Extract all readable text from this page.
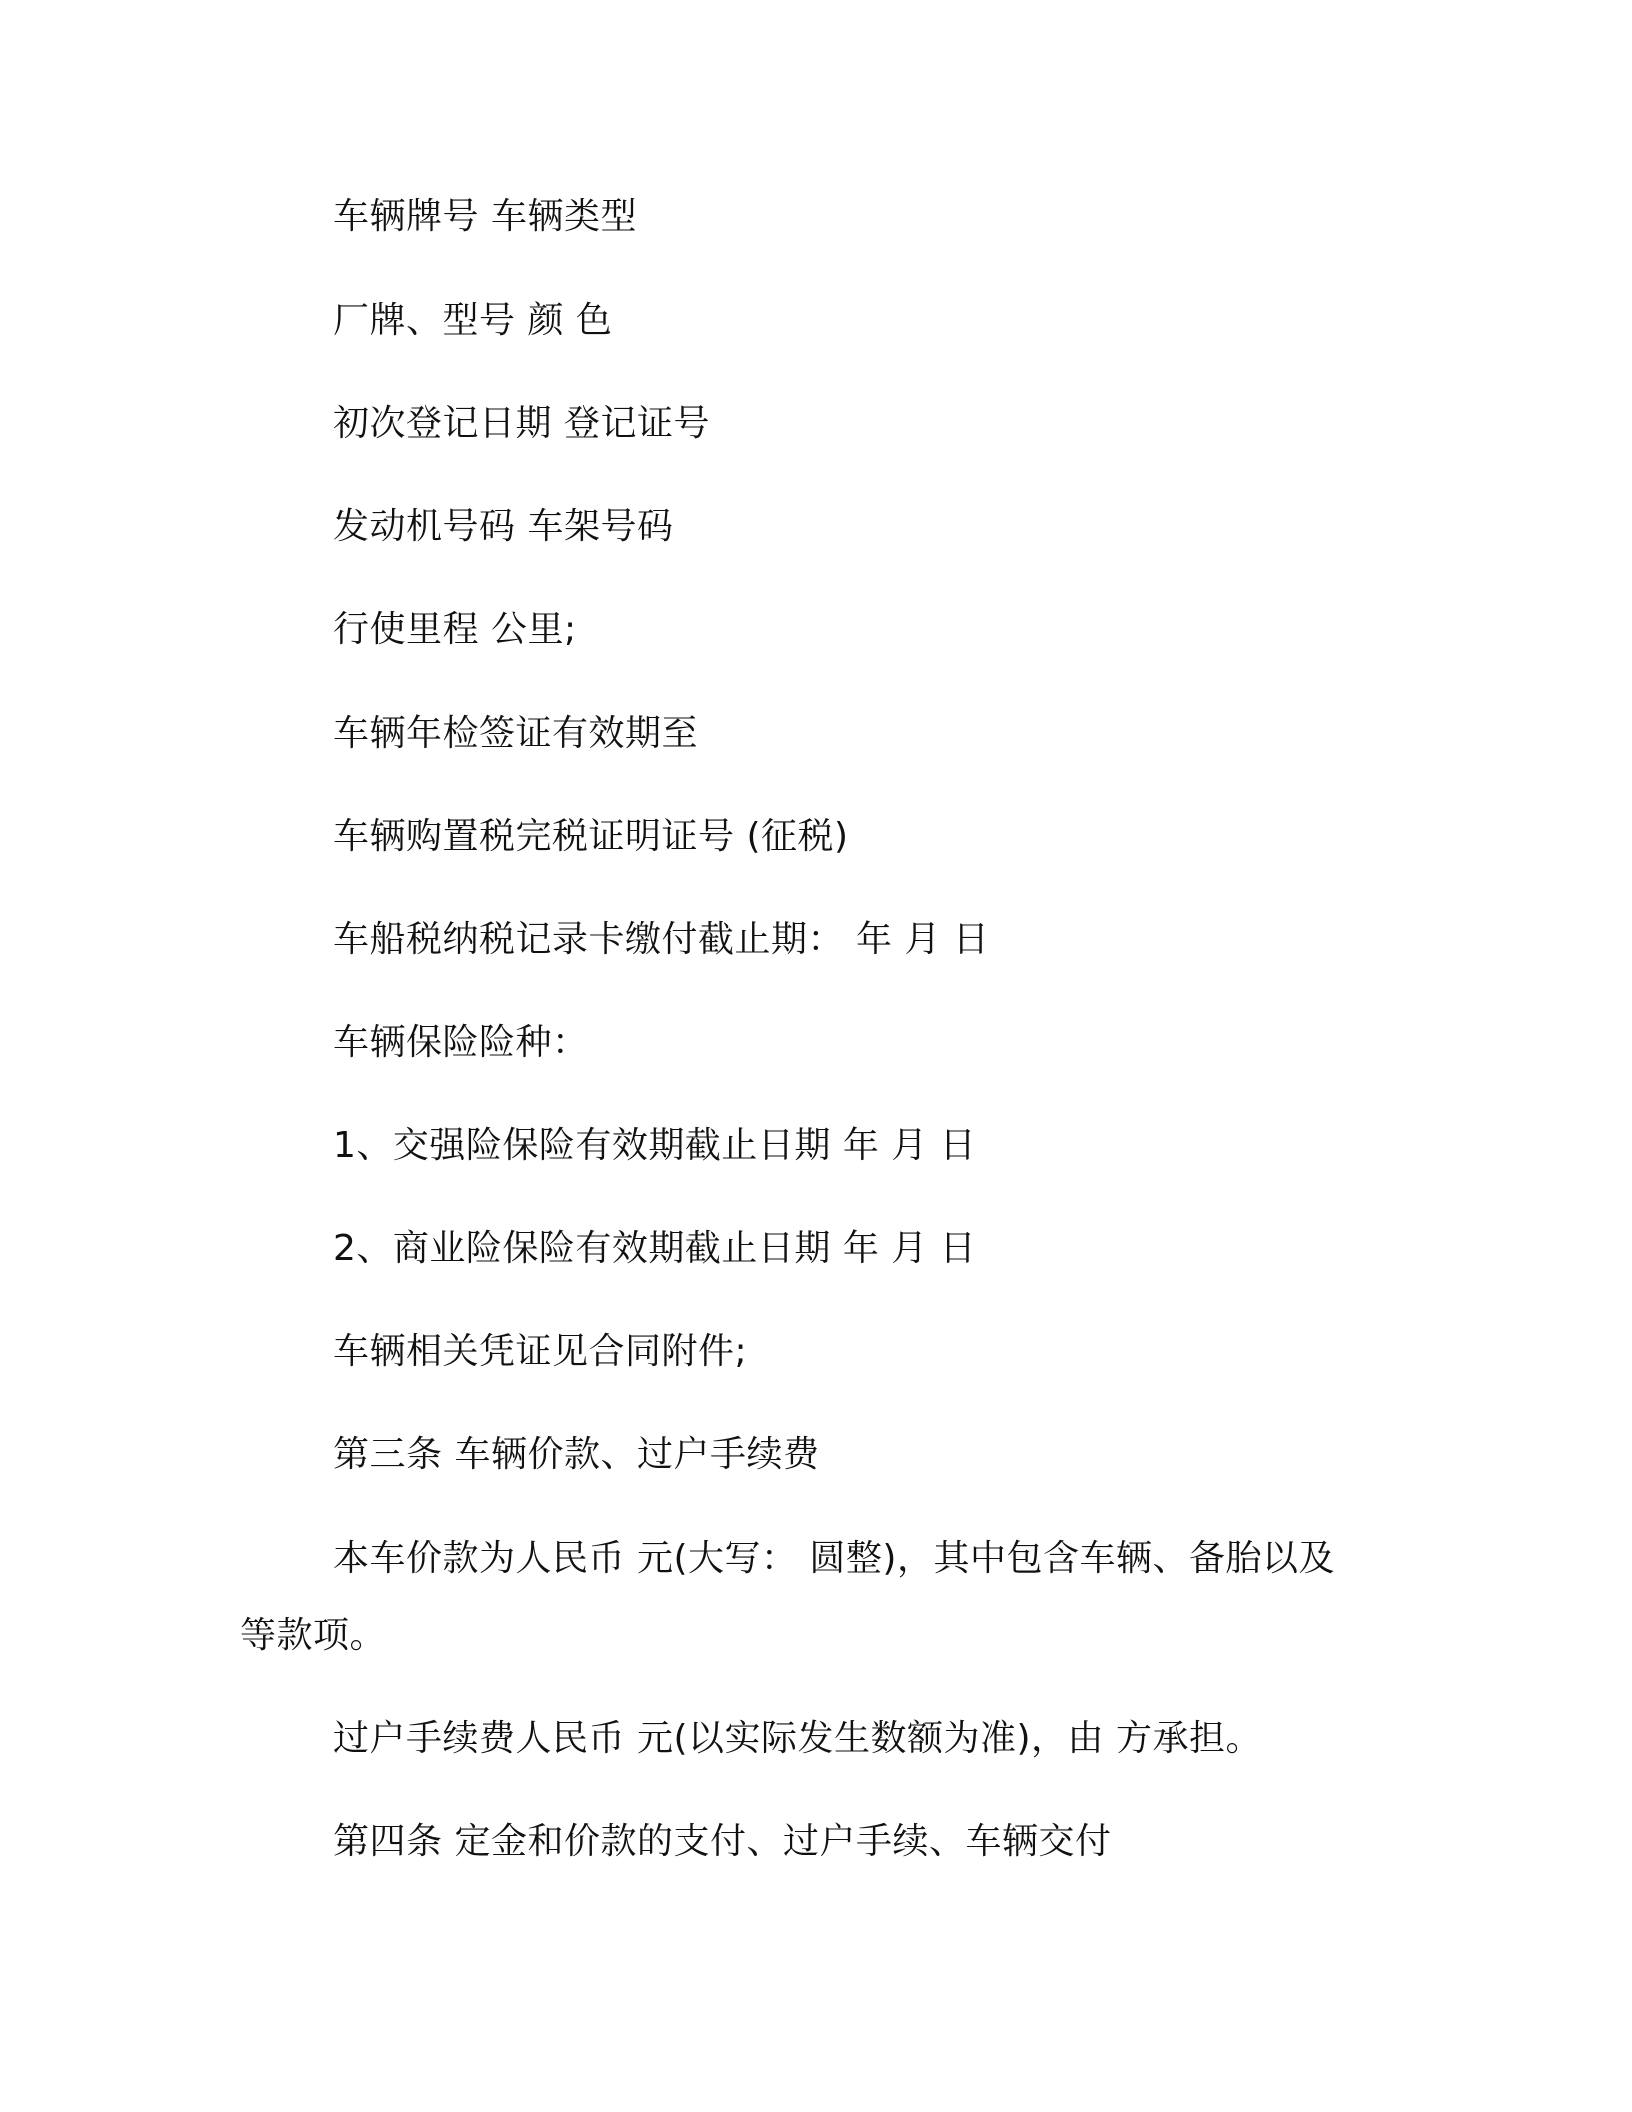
车辆牌号 车辆类型
厂牌、型号 颜 色
初次登记日期 登记证号
发动机号码 车架号码
行使里程 公里;
车辆年检签证有效期至
车辆购置税完税证明证号 (征税)
车船税纳税记录卡缴付截止期： 年 月 日
车辆保险险种：
1、交强险保险有效期截止日期 年 月 日
2、商业险保险有效期截止日期 年 月 日
车辆相关凭证见合同附件;
第三条 车辆价款、过户手续费
本车价款为人民币 元(大写： 圆整)，其中包含车辆、备胎以及
等款项。
过户手续费人民币 元(以实际发生数额为准)，由 方承担。
第四条 定金和价款的支付、过户手续、车辆交付
